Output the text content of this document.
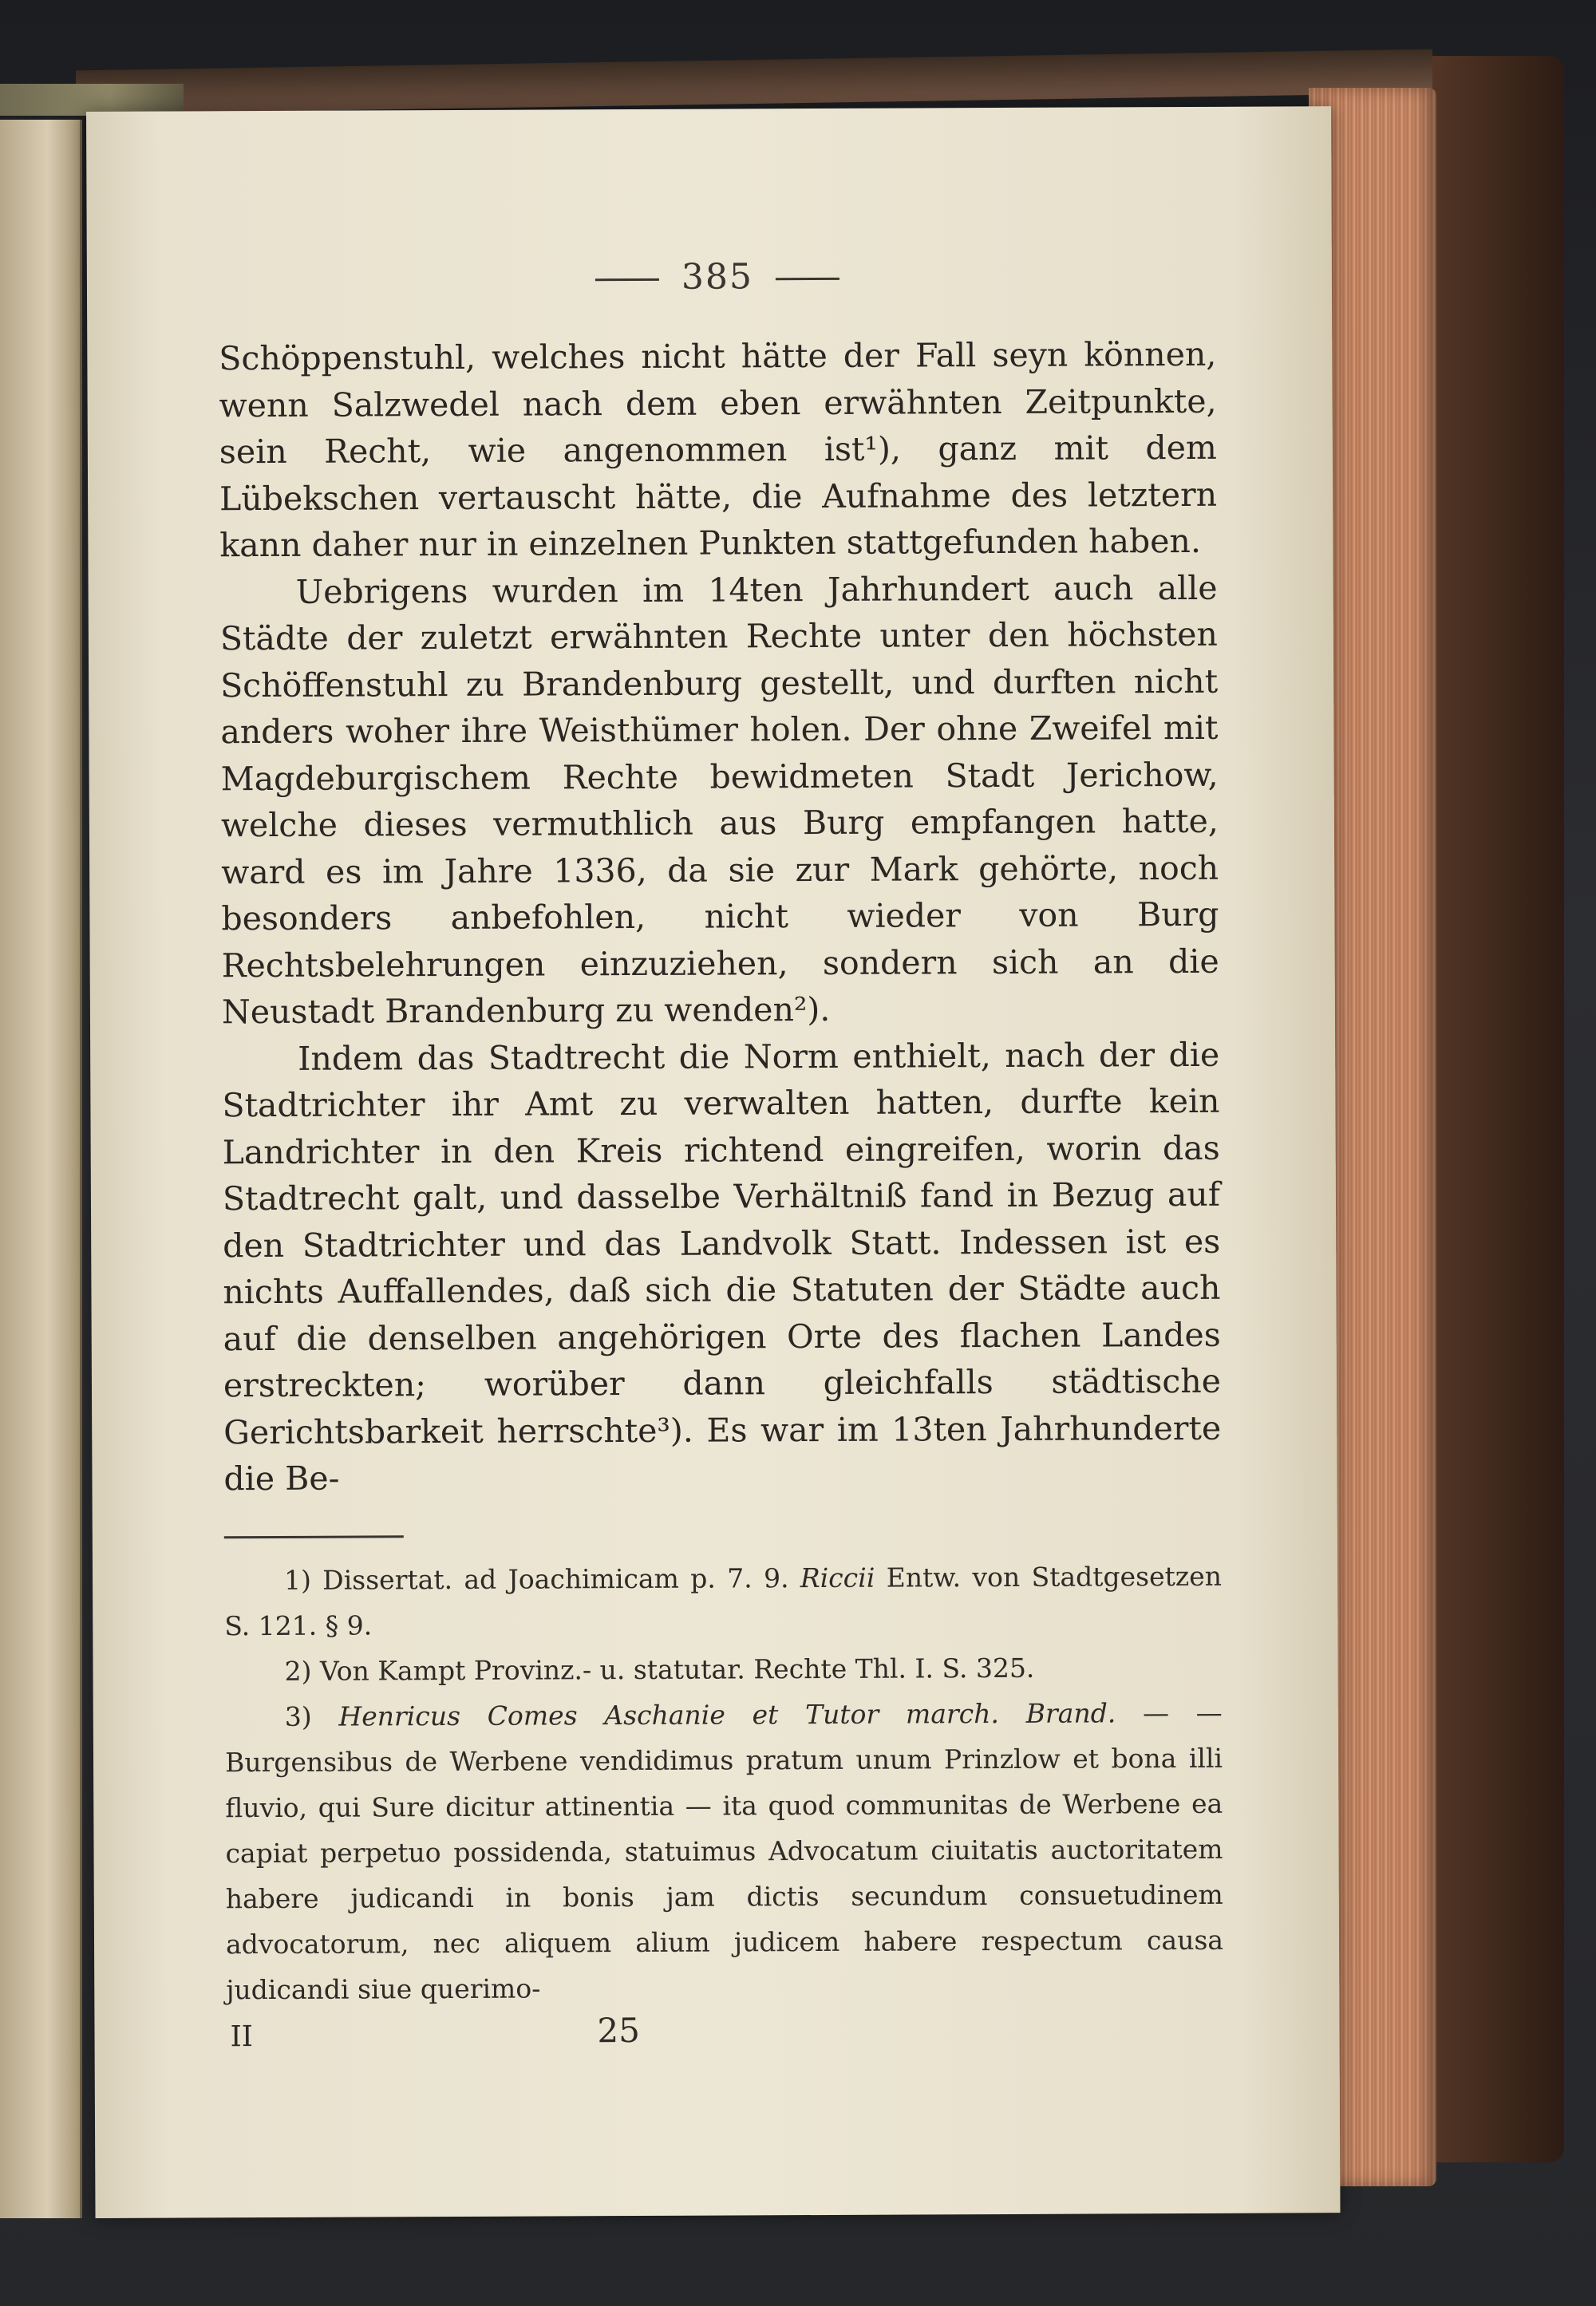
385

Schöppenstuhl, welches nicht hätte der Fall seyn können, wenn Salzwedel nach dem eben erwähnten Zeitpunkte, sein Recht, wie angenommen ist¹), ganz mit dem Lübekschen vertauscht hätte, die Aufnahme des letztern kann daher nur in einzelnen Punkten stattgefunden haben.

Uebrigens wurden im 14ten Jahrhundert auch alle Städte der zuletzt erwähnten Rechte unter den höchsten Schöffenstuhl zu Brandenburg gestellt, und durften nicht anders woher ihre Weisthümer holen. Der ohne Zweifel mit Magdeburgischem Rechte bewidmeten Stadt Jerichow, welche dieses vermuthlich aus Burg empfangen hatte, ward es im Jahre 1336, da sie zur Mark gehörte, noch besonders anbefohlen, nicht wieder von Burg Rechtsbelehrungen einzuziehen, sondern sich an die Neustadt Brandenburg zu wenden²).

Indem das Stadtrecht die Norm enthielt, nach der die Stadtrichter ihr Amt zu verwalten hatten, durfte kein Landrichter in den Kreis richtend eingreifen, worin das Stadtrecht galt, und dasselbe Verhältniß fand in Bezug auf den Stadtrichter und das Landvolk Statt. Indessen ist es nichts Auffallendes, daß sich die Statuten der Städte auch auf die denselben angehörigen Orte des flachen Landes erstreckten; worüber dann gleichfalls städtische Gerichtsbarkeit herrschte³). Es war im 13ten Jahrhunderte die Be-

1) Dissertat. ad Joachimicam p. 7. 9. Riccii Entw. von Stadtgesetzen S. 121. § 9.

2) Von Kampt Provinz.- u. statutar. Rechte Thl. I. S. 325.

3) Henricus Comes Aschanie et Tutor march. Brand. — — Burgensibus de Werbene vendidimus pratum unum Prinzlow et bona illi fluvio, qui Sure dicitur attinentia — ita quod communitas de Werbene ea capiat perpetuo possidenda, statuimus Advocatum ciuitatis auctoritatem habere judicandi in bonis jam dictis secundum consuetudinem advocatorum, nec aliquem alium judicem habere respectum causa judicandi siue querimo-

II	25
